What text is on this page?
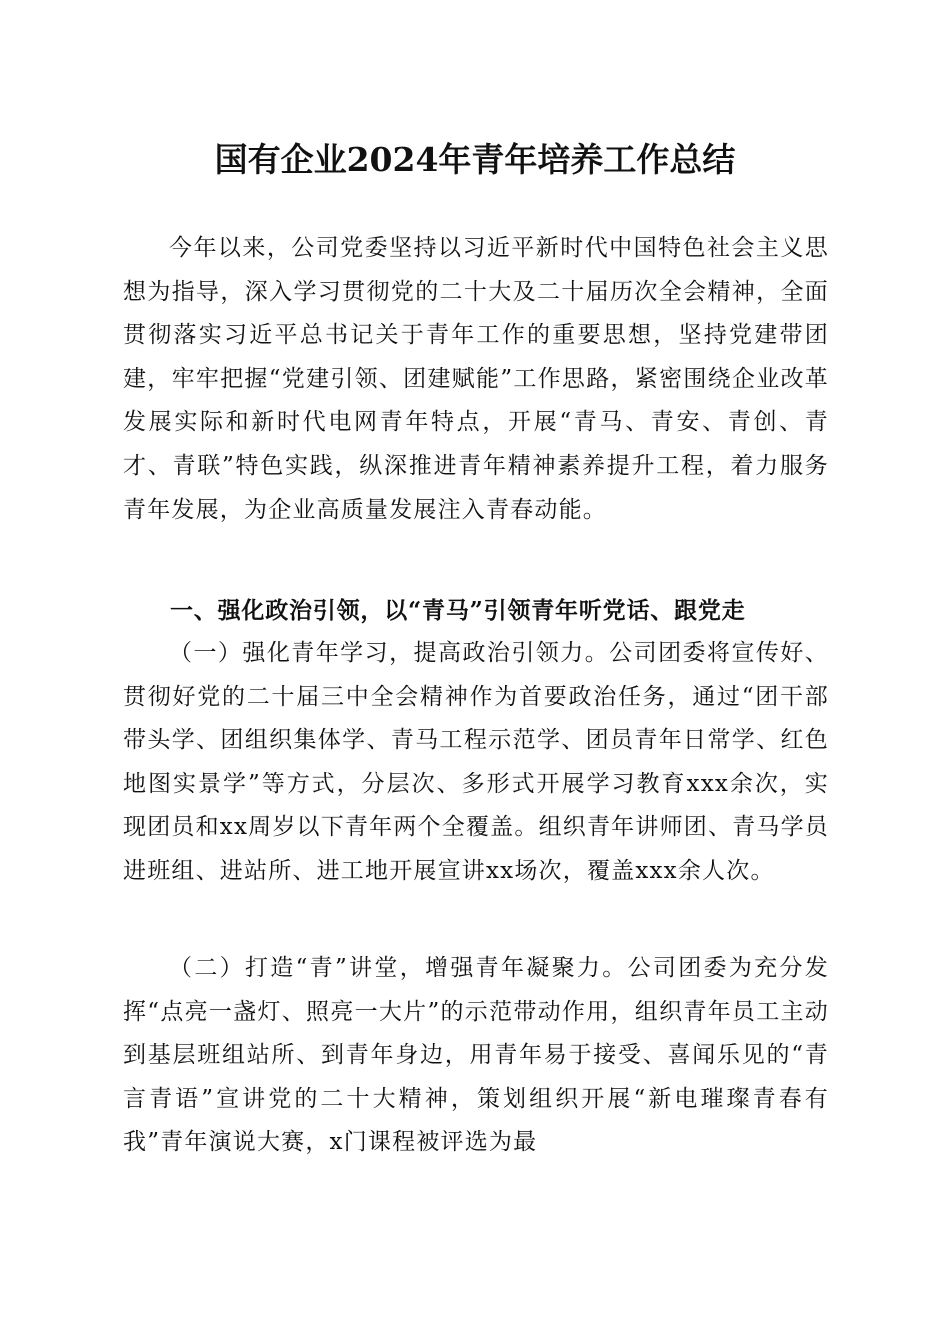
国有企业2024年青年培养工作总结
今年以来，公司党委坚持以习近平新时代中国特色社会主义思想为指导，深入学习贯彻党的二十大及二十届历次全会精神，全面贯彻落实习近平总书记关于青年工作的重要思想，坚持党建带团建，牢牢把握“党建引领、团建赋能”工作思路，紧密围绕企业改革发展实际和新时代电网青年特点，开展“青马、青安、青创、青才、青联”特色实践，纵深推进青年精神素养提升工程，着力服务青年发展，为企业高质量发展注入青春动能。
一、强化政治引领，以“青马”引领青年听党话、跟党走
（一）强化青年学习，提高政治引领力。公司团委将宣传好、贯彻好党的二十届三中全会精神作为首要政治任务，通过“团干部带头学、团组织集体学、青马工程示范学、团员青年日常学、红色地图实景学”等方式，分层次、多形式开展学习教育xxx余次，实现团员和xx周岁以下青年两个全覆盖。组织青年讲师团、青马学员进班组、进站所、进工地开展宣讲xx场次，覆盖xxx余人次。
（二）打造“青”讲堂，增强青年凝聚力。公司团委为充分发挥“点亮一盏灯、照亮一大片”的示范带动作用，组织青年员工主动到基层班组站所、到青年身边，用青年易于接受、喜闻乐见的“青言青语”宣讲党的二十大精神，策划组织开展“新电璀璨青春有我”青年演说大赛，x门课程被评选为最
